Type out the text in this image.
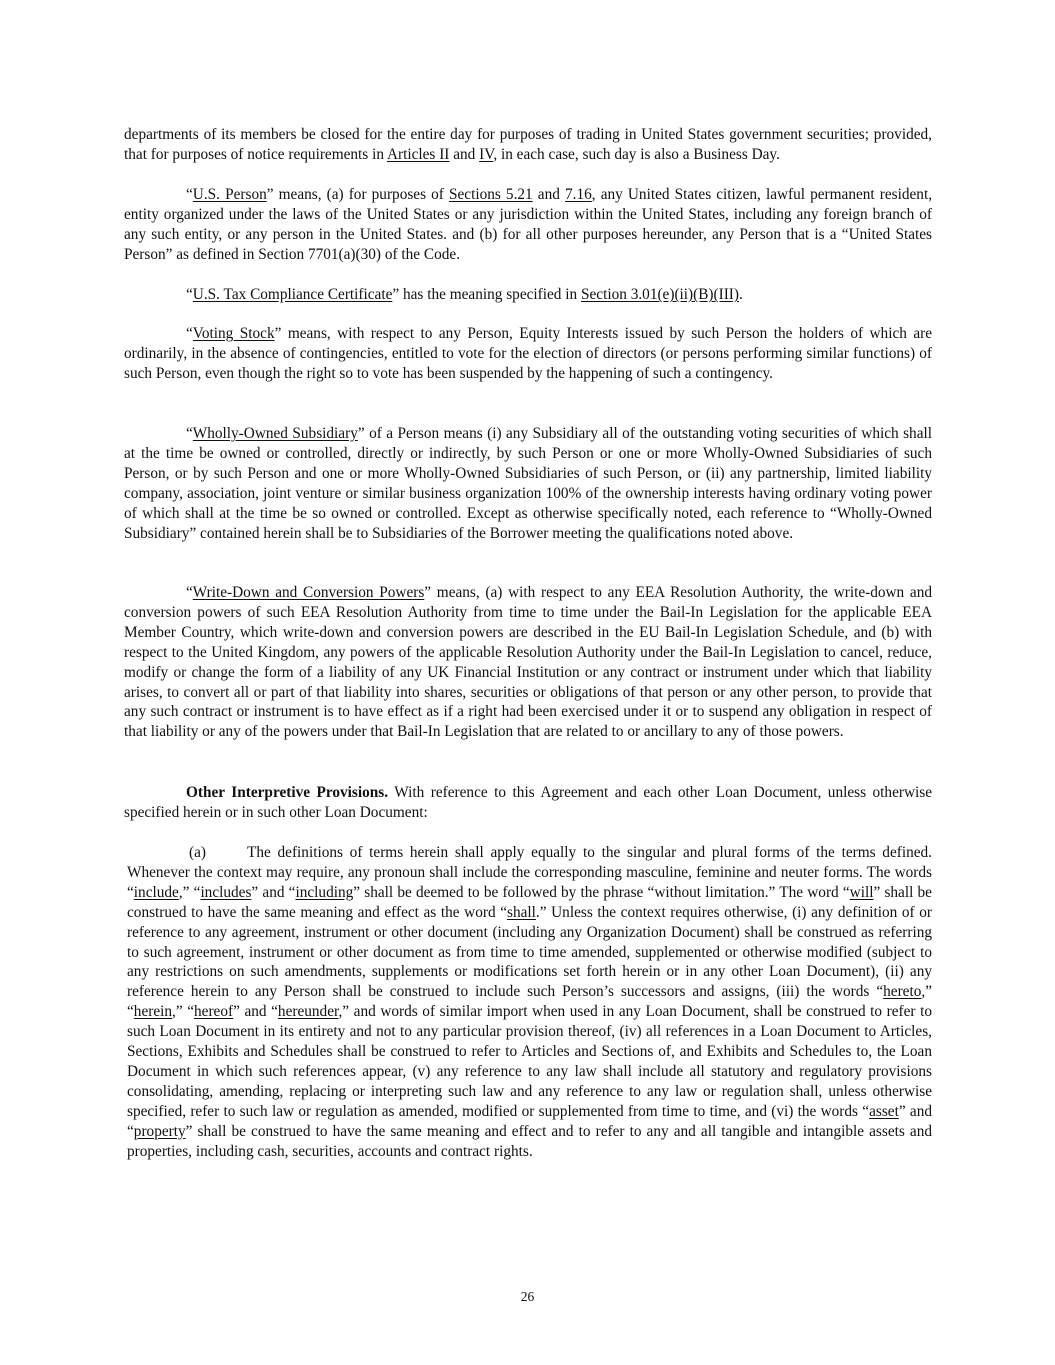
departments of its members be closed for the entire day for purposes of trading in United States government securities; provided, that for purposes of notice requirements in Articles II and IV, in each case, such day is also a Business Day.

“U.S. Person” means, (a) for purposes of Sections 5.21 and 7.16, any United States citizen, lawful permanent resident, entity organized under the laws of the United States or any jurisdiction within the United States, including any foreign branch of any such entity, or any person in the United States. and (b) for all other purposes hereunder, any Person that is a “United States Person” as defined in Section 7701(a)(30) of the Code.

“U.S. Tax Compliance Certificate” has the meaning specified in Section 3.01(e)(ii)(B)(III).

“Voting Stock” means, with respect to any Person, Equity Interests issued by such Person the holders of which are ordinarily, in the absence of contingencies, entitled to vote for the election of directors (or persons performing similar functions) of such Person, even though the right so to vote has been suspended by the happening of such a contingency.

“Wholly-Owned Subsidiary” of a Person means (i) any Subsidiary all of the outstanding voting securities of which shall at the time be owned or controlled, directly or indirectly, by such Person or one or more Wholly-Owned Subsidiaries of such Person, or by such Person and one or more Wholly-Owned Subsidiaries of such Person, or (ii) any partnership, limited liability company, association, joint venture or similar business organization 100% of the ownership interests having ordinary voting power of which shall at the time be so owned or controlled. Except as otherwise specifically noted, each reference to “Wholly-Owned Subsidiary” contained herein shall be to Subsidiaries of the Borrower meeting the qualifications noted above.

“Write-Down and Conversion Powers” means, (a) with respect to any EEA Resolution Authority, the write-down and conversion powers of such EEA Resolution Authority from time to time under the Bail-In Legislation for the applicable EEA Member Country, which write-down and conversion powers are described in the EU Bail-In Legislation Schedule, and (b) with respect to the United Kingdom, any powers of the applicable Resolution Authority under the Bail-In Legislation to cancel, reduce, modify or change the form of a liability of any UK Financial Institution or any contract or instrument under which that liability arises, to convert all or part of that liability into shares, securities or obligations of that person or any other person, to provide that any such contract or instrument is to have effect as if a right had been exercised under it or to suspend any obligation in respect of that liability or any of the powers under that Bail-In Legislation that are related to or ancillary to any of those powers.

Other Interpretive Provisions. With reference to this Agreement and each other Loan Document, unless otherwise specified herein or in such other Loan Document:

(a)	The definitions of terms herein shall apply equally to the singular and plural forms of the terms defined. Whenever the context may require, any pronoun shall include the corresponding masculine, feminine and neuter forms. The words “include,” “includes” and “including” shall be deemed to be followed by the phrase “without limitation.” The word “will” shall be construed to have the same meaning and effect as the word “shall.” Unless the context requires otherwise, (i) any definition of or reference to any agreement, instrument or other document (including any Organization Document) shall be construed as referring to such agreement, instrument or other document as from time to time amended, supplemented or otherwise modified (subject to any restrictions on such amendments, supplements or modifications set forth herein or in any other Loan Document), (ii) any reference herein to any Person shall be construed to include such Person’s successors and assigns, (iii) the words “hereto,” “herein,” “hereof” and “hereunder,” and words of similar import when used in any Loan Document, shall be construed to refer to such Loan Document in its entirety and not to any particular provision thereof, (iv) all references in a Loan Document to Articles, Sections, Exhibits and Schedules shall be construed to refer to Articles and Sections of, and Exhibits and Schedules to, the Loan Document in which such references appear, (v) any reference to any law shall include all statutory and regulatory provisions consolidating, amending, replacing or interpreting such law and any reference to any law or regulation shall, unless otherwise specified, refer to such law or regulation as amended, modified or supplemented from time to time, and (vi) the words “asset” and “property” shall be construed to have the same meaning and effect and to refer to any and all tangible and intangible assets and properties, including cash, securities, accounts and contract rights.

26
